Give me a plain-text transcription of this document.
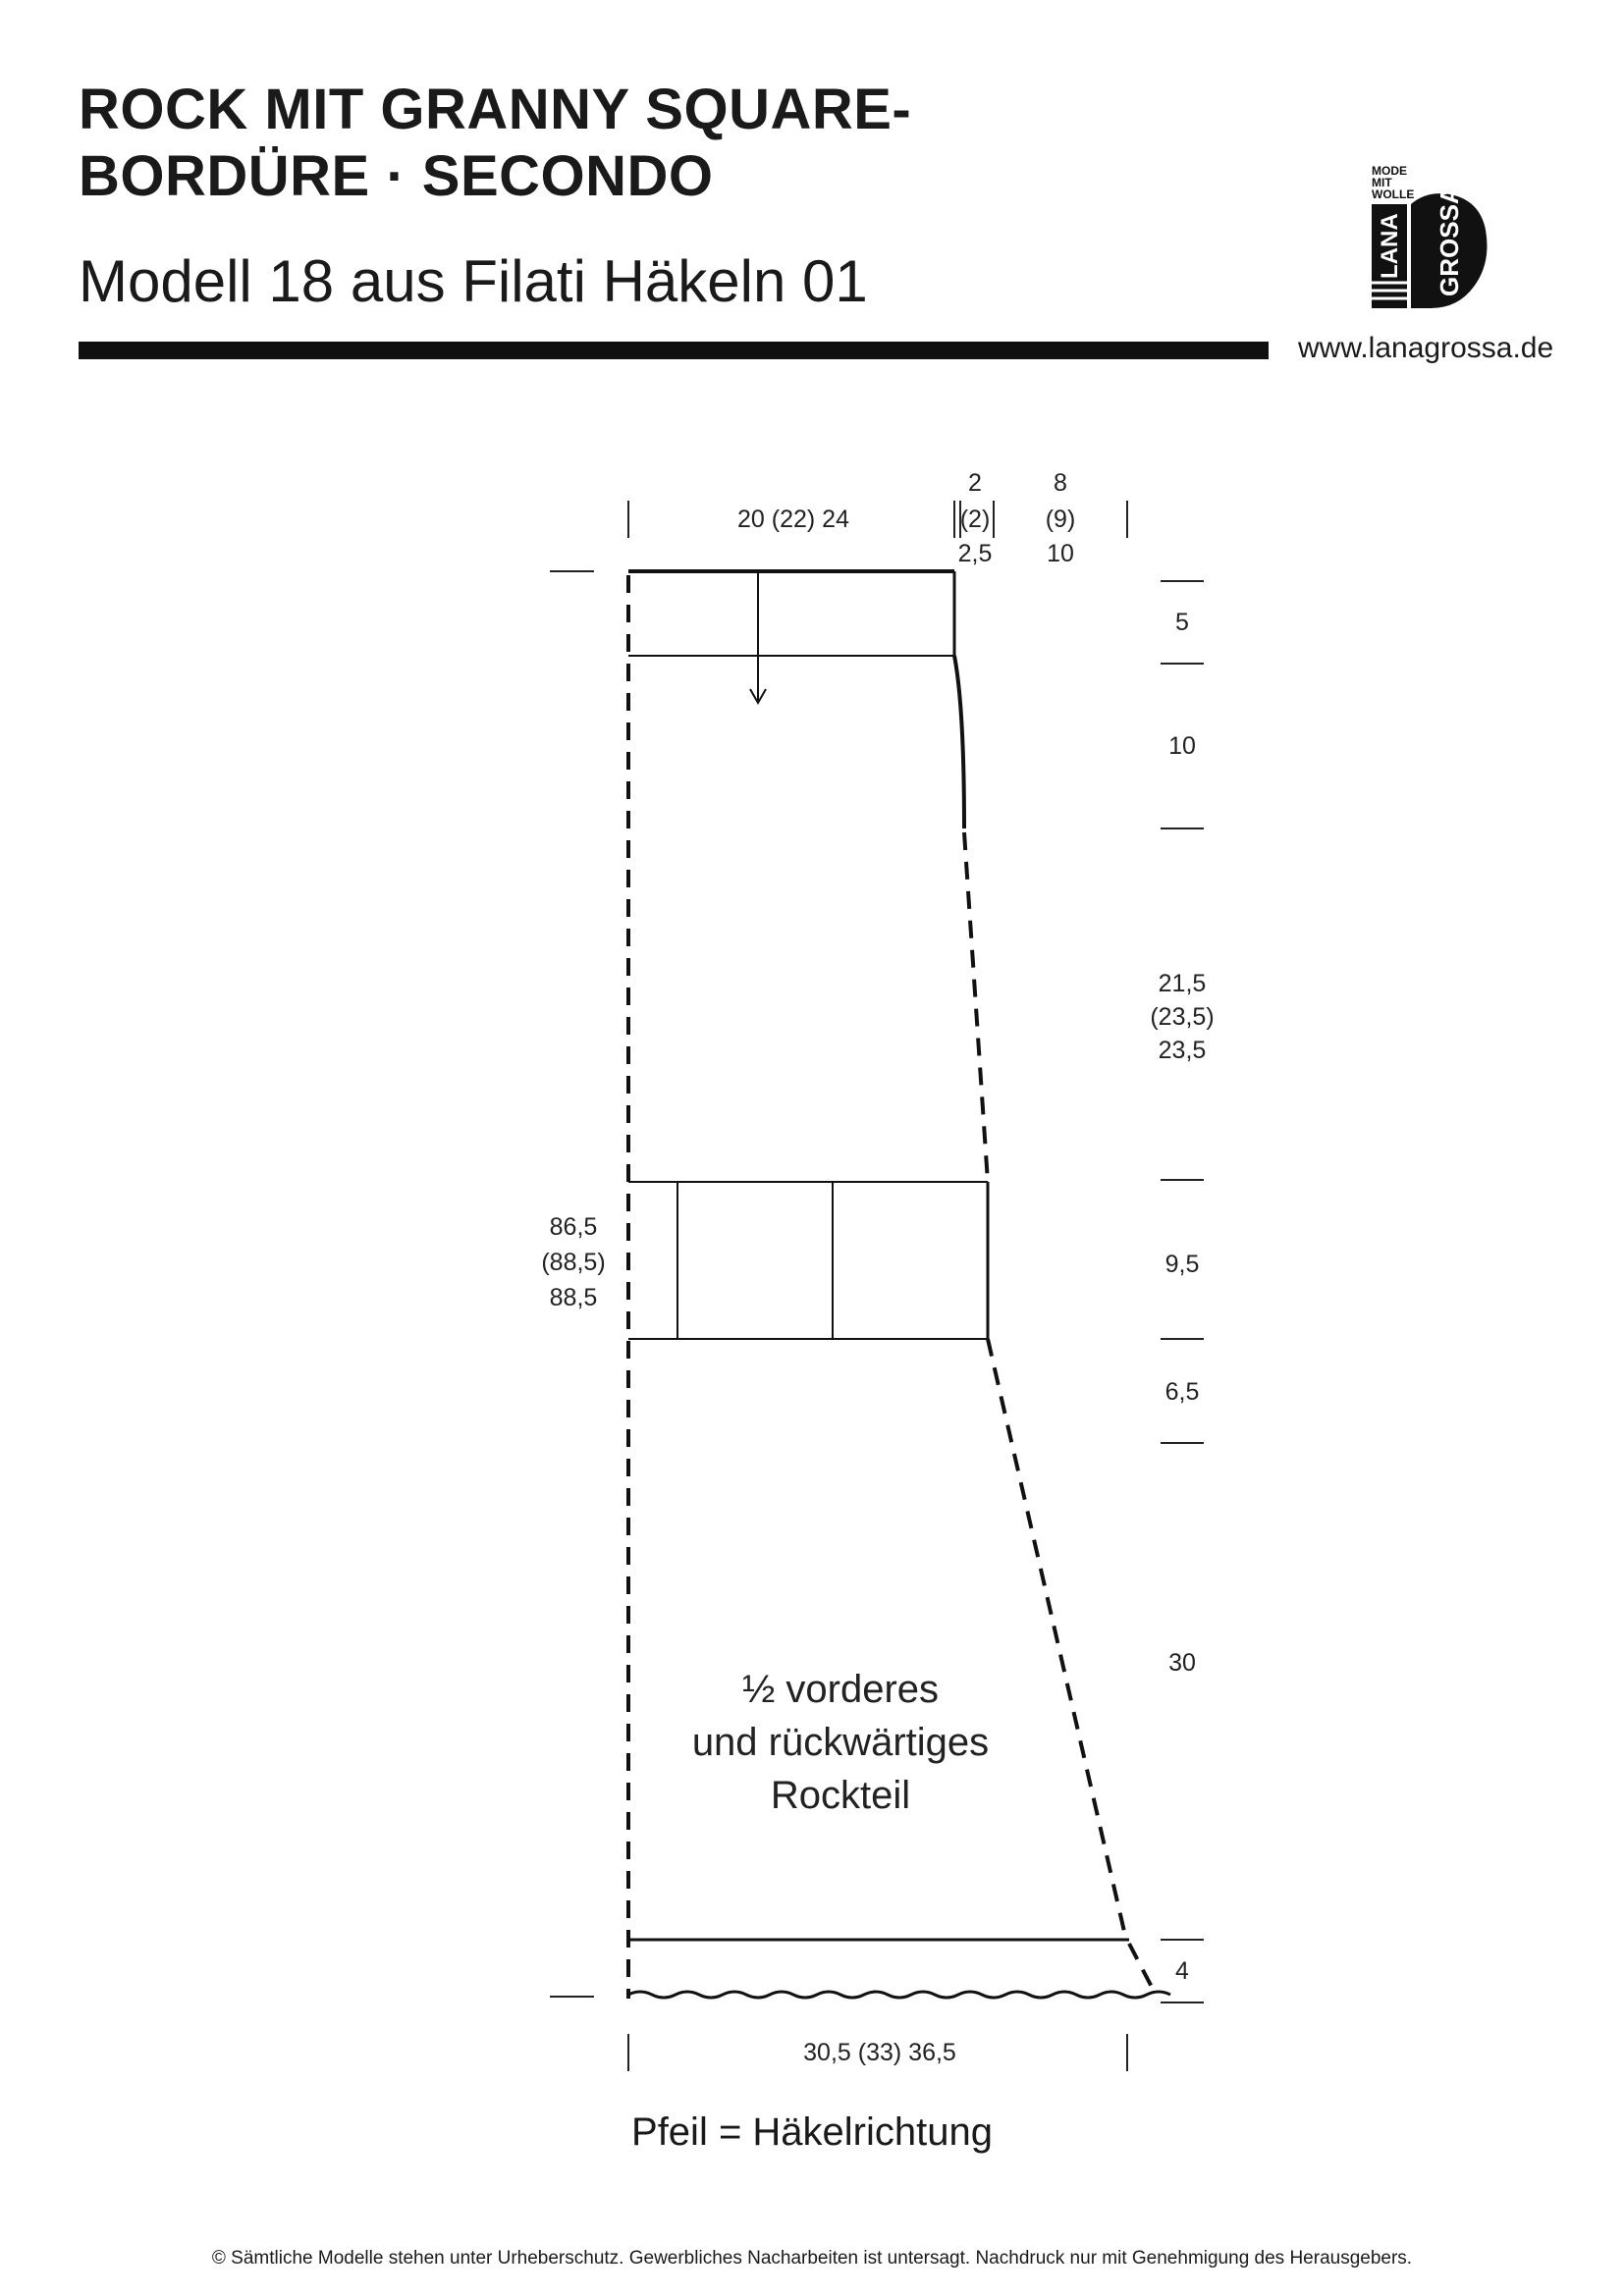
ROCK MIT GRANNY SQUARE-
BORDÜRE · SECONDO
Modell 18 aus Filati Häkeln 01
www.lanagrossa.de
MODE
MIT
WOLLE
LANA GROSSA
20 (22) 24
2
(2)
2,5
8
(9)
10
5
10
21,5
(23,5)
23,5
9,5
6,5
30
4
86,5
(88,5)
88,5
30,5 (33) 36,5
½ vorderes
und rückwärtiges
Rockteil
Pfeil = Häkelrichtung
© Sämtliche Modelle stehen unter Urheberschutz. Gewerbliches Nacharbeiten ist untersagt. Nachdruck nur mit Genehmigung des Herausgebers.
